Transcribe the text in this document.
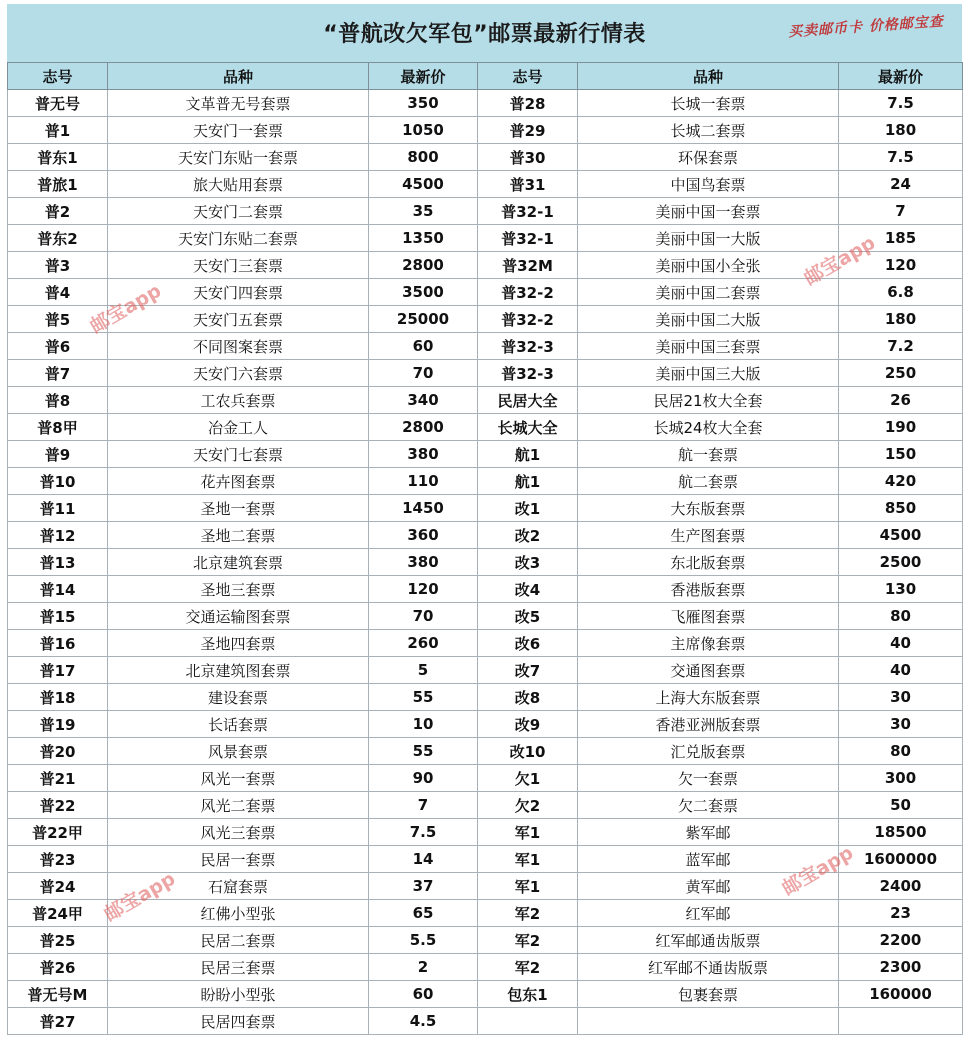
“普航改欠军包”邮票最新行情表	买卖邮币卡 价格邮宝查
志号	品种	最新价	志号	品种	最新价
普无号	文革普无号套票	350	普28	长城一套票	7.5
普1	天安门一套票	1050	普29	长城二套票	180
普东1	天安门东贴一套票	800	普30	环保套票	7.5
普旅1	旅大贴用套票	4500	普31	中国鸟套票	24
普2	天安门二套票	35	普32-1	美丽中国一套票	7
普东2	天安门东贴二套票	1350	普32-1	美丽中国一大版	185
普3	天安门三套票	2800	普32M	美丽中国小全张	120
普4	天安门四套票	3500	普32-2	美丽中国二套票	6.8
普5	天安门五套票	25000	普32-2	美丽中国二大版	180
普6	不同图案套票	60	普32-3	美丽中国三套票	7.2
普7	天安门六套票	70	普32-3	美丽中国三大版	250
普8	工农兵套票	340	民居大全	民居21枚大全套	26
普8甲	冶金工人	2800	长城大全	长城24枚大全套	190
普9	天安门七套票	380	航1	航一套票	150
普10	花卉图套票	110	航1	航二套票	420
普11	圣地一套票	1450	改1	大东版套票	850
普12	圣地二套票	360	改2	生产图套票	4500
普13	北京建筑套票	380	改3	东北版套票	2500
普14	圣地三套票	120	改4	香港版套票	130
普15	交通运输图套票	70	改5	飞雁图套票	80
普16	圣地四套票	260	改6	主席像套票	40
普17	北京建筑图套票	5	改7	交通图套票	40
普18	建设套票	55	改8	上海大东版套票	30
普19	长话套票	10	改9	香港亚洲版套票	30
普20	风景套票	55	改10	汇兑版套票	80
普21	风光一套票	90	欠1	欠一套票	300
普22	风光二套票	7	欠2	欠二套票	50
普22甲	风光三套票	7.5	军1	紫军邮	18500
普23	民居一套票	14	军1	蓝军邮	1600000
普24	石窟套票	37	军1	黄军邮	2400
普24甲	红佛小型张	65	军2	红军邮	23
普25	民居二套票	5.5	军2	红军邮通齿版票	2200
普26	民居三套票	2	军2	红军邮不通齿版票	2300
普无号M	盼盼小型张	60	包东1	包裹套票	160000
普27	民居四套票	4.5			
邮宝app
邮宝app
邮宝app
邮宝app
